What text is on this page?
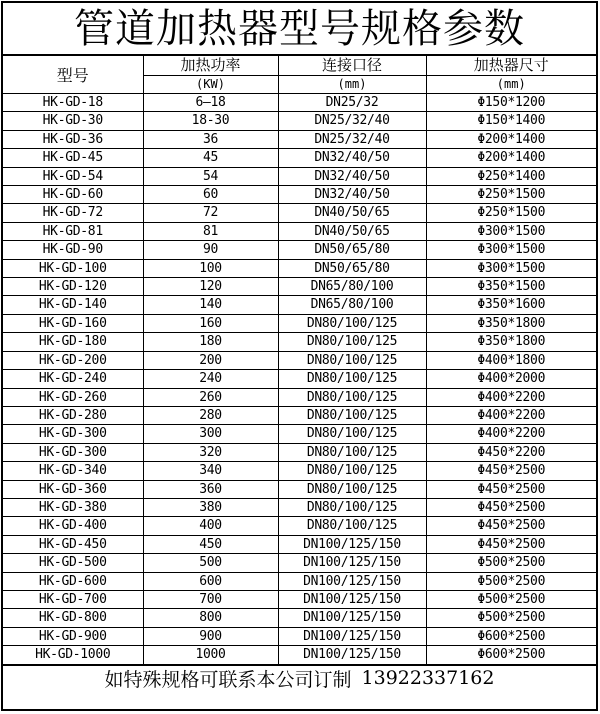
管道加热器型号规格参数
型号	加热功率	连接口径	加热器尺寸
	(KW)	(mm)	(mm)
HK-GD-18	6—18	DN25/32	Φ150*1200
HK-GD-30	18-30	DN25/32/40	Φ150*1400
HK-GD-36	36	DN25/32/40	Φ200*1400
HK-GD-45	45	DN32/40/50	Φ200*1400
HK-GD-54	54	DN32/40/50	Φ250*1400
HK-GD-60	60	DN32/40/50	Φ250*1500
HK-GD-72	72	DN40/50/65	Φ250*1500
HK-GD-81	81	DN40/50/65	Φ300*1500
HK-GD-90	90	DN50/65/80	Φ300*1500
HK-GD-100	100	DN50/65/80	Φ300*1500
HK-GD-120	120	DN65/80/100	Φ350*1500
HK-GD-140	140	DN65/80/100	Φ350*1600
HK-GD-160	160	DN80/100/125	Φ350*1800
HK-GD-180	180	DN80/100/125	Φ350*1800
HK-GD-200	200	DN80/100/125	Φ400*1800
HK-GD-240	240	DN80/100/125	Φ400*2000
HK-GD-260	260	DN80/100/125	Φ400*2200
HK-GD-280	280	DN80/100/125	Φ400*2200
HK-GD-300	300	DN80/100/125	Φ400*2200
HK-GD-300	320	DN80/100/125	Φ450*2200
HK-GD-340	340	DN80/100/125	Φ450*2500
HK-GD-360	360	DN80/100/125	Φ450*2500
HK-GD-380	380	DN80/100/125	Φ450*2500
HK-GD-400	400	DN80/100/125	Φ450*2500
HK-GD-450	450	DN100/125/150	Φ450*2500
HK-GD-500	500	DN100/125/150	Φ500*2500
HK-GD-600	600	DN100/125/150	Φ500*2500
HK-GD-700	700	DN100/125/150	Φ500*2500
HK-GD-800	800	DN100/125/150	Φ500*2500
HK-GD-900	900	DN100/125/150	Φ600*2500
HK-GD-1000	1000	DN100/125/150	Φ600*2500
如特殊规格可联系本公司订制 13922337162
